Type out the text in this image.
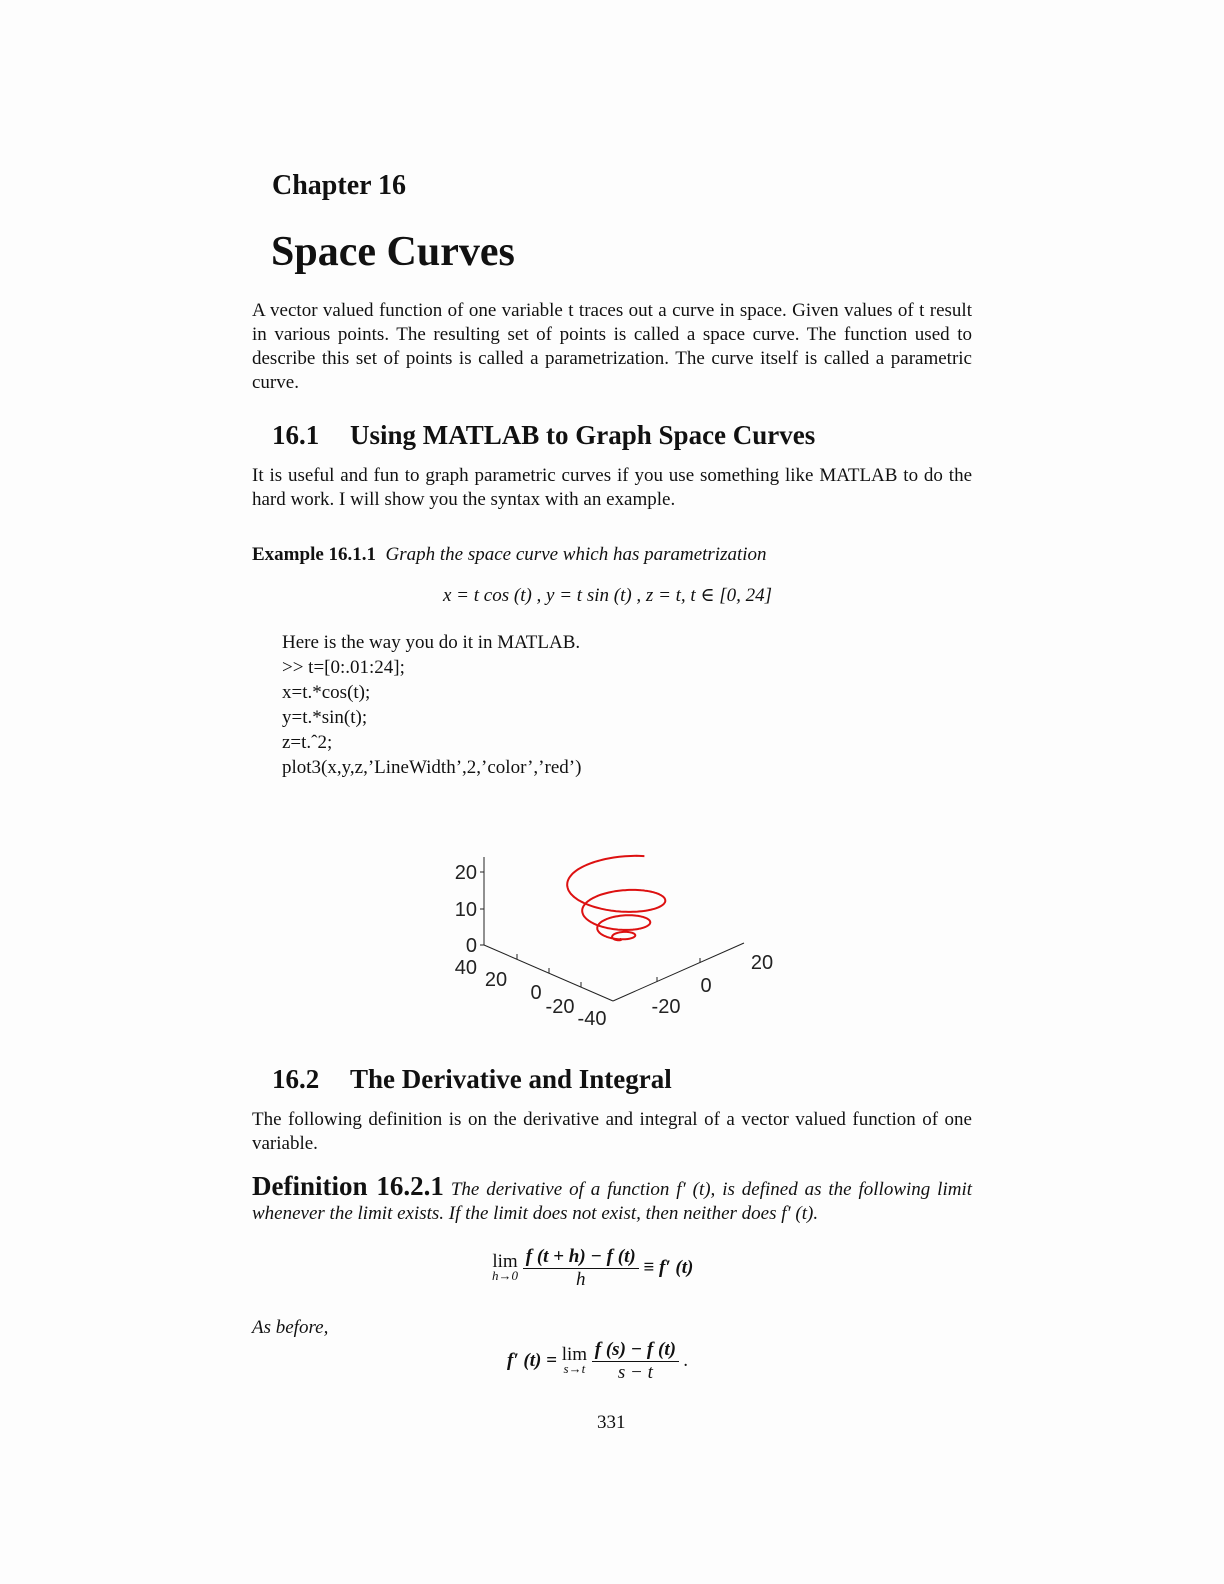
Chapter 16
Space Curves
A vector valued function of one variable t traces out a curve in space. Given values of t result in various points. The resulting set of points is called a space curve. The function used to describe this set of points is called a parametrization. The curve itself is called a parametric curve.
16.1 Using MATLAB to Graph Space Curves
It is useful and fun to graph parametric curves if you use something like MATLAB to do the hard work. I will show you the syntax with an example.
Example 16.1.1 Graph the space curve which has parametrization
x = t cos (t) , y = t sin (t) , z = t, t ∈ [0, 24]
Here is the way you do it in MATLAB.
>> t=[0:.01:24];
x=t.*cos(t);
y=t.*sin(t);
z=t.ˆ2;
plot3(x,y,z,’LineWidth’,2,’color’,’red’)
20
10
0
40
20
0
-20
-40
-20
0
20
16.2 The Derivative and Integral
The following definition is on the derivative and integral of a vector valued function of one variable.
Definition 16.2.1 The derivative of a function f′ (t), is defined as the following limit whenever the limit exists. If the limit does not exist, then neither does f′ (t).
lim
h→0
$\frac{f (t + h) - f (t)}{h} \equiv f'$ (t)
As before,
f′ (t) = lim
s→t
$\frac{f (s) - f (t)}{s - t}$ .
331
